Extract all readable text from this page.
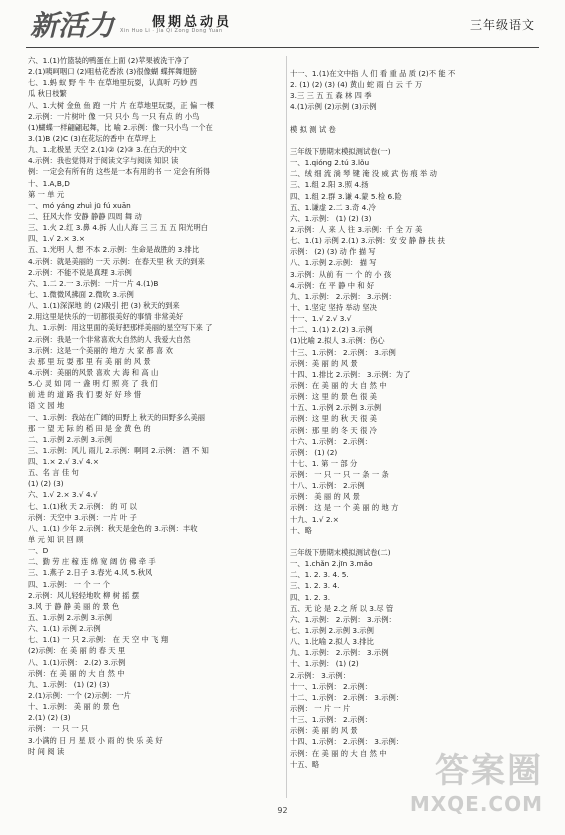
新活力	假期总动员
Xin Huo Li · Jia Qi Zong Dong Yuan	三年级语文
六、1.(1)竹篮装的鸭蛋在上面 (2)苹果被洗干净了
2.(1)咦呵咽口 (2)咀枯花香浓 (3)很像蝴 蝶挥舞翅膀
七、1.蚂 蚁 野 牛 牛 在草地里玩耍，认真听 巧妙 西
瓜 秋日枝繁
八、1.大树 金鱼 鱼 跑 一片 片 在草地里玩耍，正 偏 一棵
2.示例：一片树叶 像 一只 只小 鸟 一只 有点 的 小鸟
(1)蝴蝶一样翩翩起舞，比 喻 2.示例：像一只小鸟 一个在
3.(1)B (2)C (3)在花坛的香中 在草坪上
九、1.北极星 天空 2.(1)② (2)③ 3.在白天的中文
4.示例：我也觉得对于阅读文字与阅读 知识 读
例：一定会有所有的 这些是一本有用的书 一 定会有所得
十、1.A,B,D
第 一 单 元
一、mó yáng zhuì jū fú xuān
二、狂风大作 安静 静静 四周 舞 动
三、1.火 2.红 3.鼻 4.拆 人山人海 三 三 五 五 阳光明白
四、1.√ 2.× 3.×
五、1.光明 人 想 不本 2.示例：生命是战胜的 3.排比
4.示例：就是美丽的 一天 示例：在春天里 秋 天的到来
2.示例：不能不说是真理 3.示例
六、1.二 2.一 3.示例：一片一片 4.(1)B
七、1.微微风拂面 2.微吹 3.示例
八、1.(1)深深地 的 (2)吸引 把 (3) 秋天的到来
2.用这里是快乐的一切都很美好的事情 非常美好
九、1.示例：用这里面的美好把那样美丽的星空写下来 了
2.示例：我是一个非常喜欢大自然的人 我爱大自然
3.示例：这是一个美丽的 地方 大 家 都 喜 欢
去 那 里 玩 耍 那 里 有 美 丽 的 风 景
4.示例：美丽的风景 喜欢 大 海 和 高 山
5.心 灵 如 同 一 盏 明 灯 照 亮 了 我 们
前 进 的 道 路 我 们 要 好 好 珍 惜
语 文 园 地
一、1.示例：我站在广阔的田野上 秋天的田野多么美丽
那 一 望 无 际 的 稻 田 是 金 黄 色 的
二、1.示例 2.示例 3.示例
三、1.示例：风儿 雨儿 2.示例：啊同 2.示例： 酒 不 知
四、1.× 2.√ 3.√ 4.×
五、名 言 佳 句
(1) (2) (3)
六、1.√ 2.× 3.√ 4.√
七、1.(1)秋 天 2.示例： 的 可 以
示例：天空中 3.示例：一片 叶 子
八、1.(1) 少年 2.示例：秋天是金色的 3.示例：丰收
单 元 知 识 回 顾
一、D
二、勤 劳 庄 稼 连 绵 宽 阔 仿 佛 牵 手
三、1.燕子 2.日子 3.春光 4.风 5.秋风
四、1.示例： 一 个 一 个
2.示例：风儿轻轻地吹 柳 树 摇 摆
3.风 于 静 静 美 丽 的 景 色
五、1.示例 2.示例 3.示例
六、1.(1) 示例 2.示例
七、1.(1) 一 只 2.示例： 在 天 空 中 飞 翔
(2)示例：在 美 丽 的 春 天 里
八、1.(1)示例： 2.(2) 3.示例
示例：在 美 丽 的 大 自 然 中
九、1.示例： (1) (2) (3)
2.(1)示例：一个 (2)示例：一片
十、1.示例： 美 丽 的 景 色
2.(1) (2) (3)
示例： 一 只 一 只
3.小满的 日 月 星 辰 小 雨 的 快 乐 美 好
时 间 阅 读
十一、1.(1)在文中指 人 们 看 重 品 质 (2)不 能 不
2. (1) (2) (3) (4) 黄山 蛇 雨 白 云 千 万
3.三 三 五 五 森 林 四 季
4.(1)示例 (2)示例 (3)示例
模 拟 测 试 卷
三年级下册期末模拟测试卷(一)
一、1.qióng 2.tú 3.lǒu
二、绒 细 流 淌 琴 键 淹 没 威 武 伤 痕 举 动
三、1.组 2.阳 3.照 4.扬
四、1.组 2.群 3.谦 4.蒙 5.检 6.险
五、1.谦虚 2.二 3.奇 4.冷
六、1.示例： (1) (2) (3)
2.示例：人 来 人 往 3.示例：千 全 万 美
七、1.(1) 示例 2.(1) 3.示例：安 安 静 静 扶 扶
示例： (2) (3) 动 作 描 写
八、1.示例 2.示例： 描 写
3.示例：从前 有 一 个 的 小 孩
4.示例：在 平 静 中 和 好
九、1.示例： 2.示例： 3.示例：
十、1.坚定 坚持 举动 坚决
十一、1.√ 2.√ 3.√
十二、1.(1) 2.(2) 3.示例
(1)比喻 2.拟人 3.示例：伤心
十三、1.示例： 2.示例： 3.示例
示例：美 丽 的 风 景
十四、1.排比 2.示例： 3.示例：为了
示例：在 美 丽 的 大 自 然 中
示例：这 里 的 景 色 很 美
十五、1.示例 2.示例 3.示例
示例：这 里 的 秋 天 很 美
示例：那 里 的 冬 天 很 冷
十六、1.示例： 2.示例：
示例： (1) (2)
十七、1. 第 一 部 分
示例： 一 只 一 只 一 条 一 条
十八、1.示例： 2.示例
示例： 美 丽 的 风 景
示例： 这 是 一 个 美 丽 的 地 方
十九、1.√ 2.×
十、略
三年级下册期末模拟测试卷(二)
一、1.chǎn 2.jīn 3.mǎo
二、1. 2. 3. 4. 5.
三、1. 2. 3. 4.
四、1. 2. 3.
五、无 论 是 2.之 所 以 3.尽 管
六、1.示例： 2.示例： 3.示例：
七、1.示例 2.示例 3.示例
八、1.比喻 2.拟人 3.排比
九、1.示例： 2.示例： 3.示例
十、1.示例： (1) (2)
2.示例： 3.示例：
十一、1.示例： 2.示例：
十二、1.示例： 2.示例： 3.示例：
示例： 一 片 一 片
十三、1.示例： 2.示例：
示例：美 丽 的 风 景
十四、1.示例： 2.示例： 3.示例：
示例：在 美 丽 的 大 自 然 中
十五、略
92
答案圈
MXQE.COM
